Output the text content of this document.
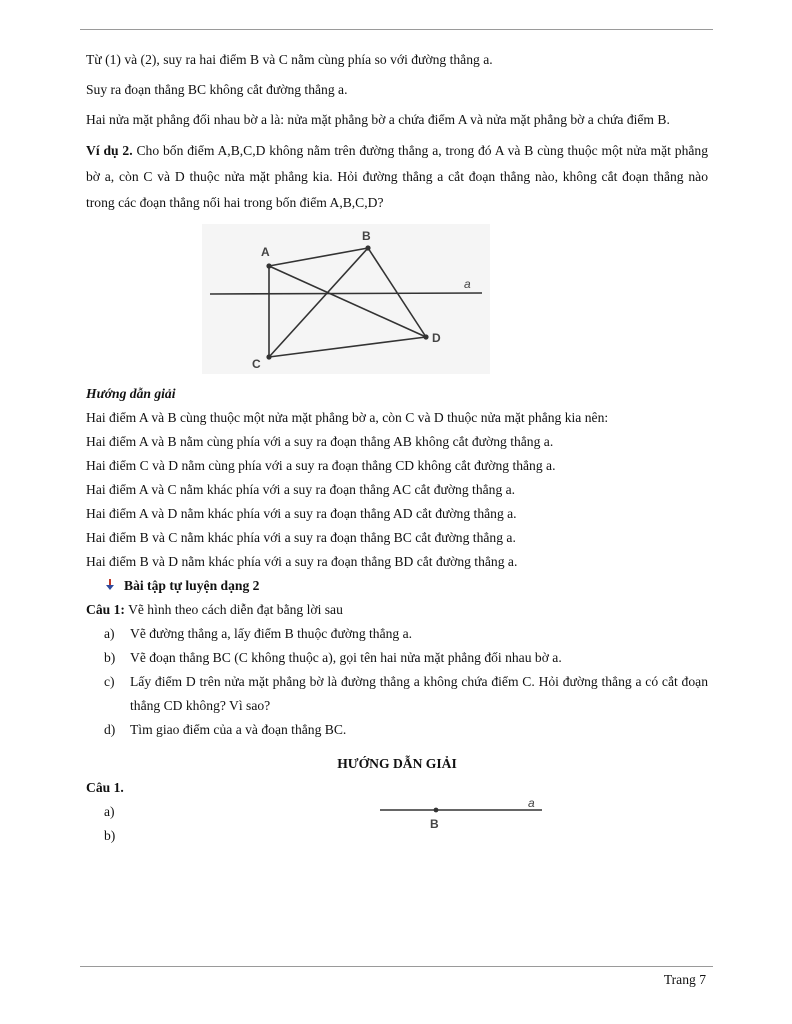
Từ (1) và (2), suy ra hai điểm B và C nằm cùng phía so với đường thẳng a.

Suy ra đoạn thẳng BC không cắt đường thẳng a.

Hai nửa mặt phẳng đối nhau bờ a là: nửa mặt phẳng bờ a chứa điểm A và nửa mặt phẳng bờ a chứa điểm B.

Ví dụ 2. Cho bốn điểm A,B,C,D không nằm trên đường thẳng a, trong đó A và B cùng thuộc một nửa mặt phẳng bờ a, còn C và D thuộc nửa mặt phẳng kia. Hỏi đường thẳng a cắt đoạn thẳng nào, không cắt đoạn thẳng nào trong các đoạn thẳng nối hai trong bốn điểm A,B,C,D?

A
B
C
D
a

Hướng dẫn giải

Hai điểm A và B cùng thuộc một nửa mặt phẳng bờ a, còn C và D thuộc nửa mặt phẳng kia nên:

Hai điểm A và B nằm cùng phía với a suy ra đoạn thẳng AB không cắt đường thẳng a.

Hai điểm C và D nằm cùng phía với a suy ra đoạn thẳng CD không cắt đường thẳng a.

Hai điểm A và C nằm khác phía với a suy ra đoạn thẳng AC cắt đường thẳng a.

Hai điểm A và D nằm khác phía với a suy ra đoạn thẳng AD cắt đường thẳng a.

Hai điểm B và C nằm khác phía với a suy ra đoạn thẳng BC cắt đường thẳng a.

Hai điểm B và D nằm khác phía với a suy ra đoạn thẳng BD cắt đường thẳng a.

Bài tập tự luyện dạng 2

Câu 1: Vẽ hình theo cách diễn đạt bằng lời sau

a)	Vẽ đường thẳng a, lấy điểm B thuộc đường thẳng a.
b)	Vẽ đoạn thẳng BC (C không thuộc a), gọi tên hai nửa mặt phẳng đối nhau bờ a.
c)	Lấy điểm D trên nửa mặt phẳng bờ là đường thẳng a không chứa điểm C. Hỏi đường thẳng a có cắt đoạn thẳng CD không? Vì sao?
d)	Tìm giao điểm của a và đoạn thẳng BC.

HƯỚNG DẪN GIẢI

Câu 1.

a)

b)

B
a
Trang 7
